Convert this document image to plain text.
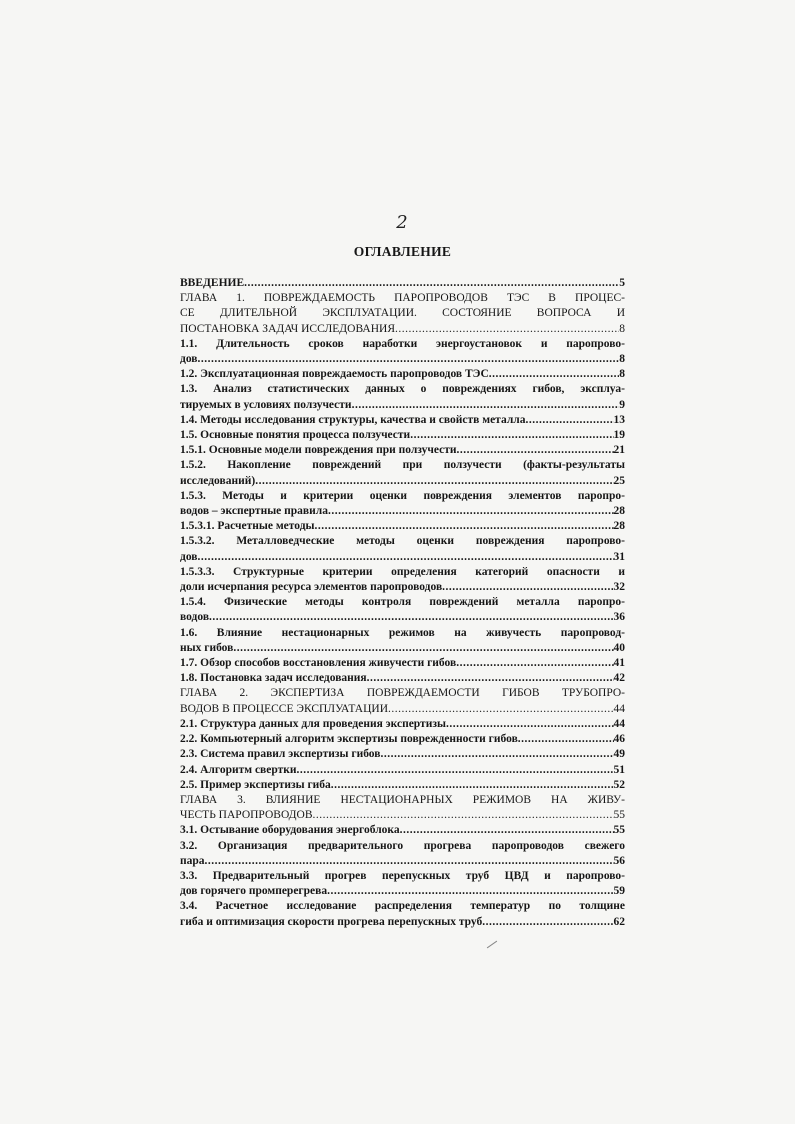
2
ОГЛАВЛЕНИЕ
ВВЕДЕНИЕ .....	5
ГЛАВА 1. ПОВРЕЖДАЕМОСТЬ ПАРОПРОВОДОВ ТЭС В ПРОЦЕС-
СЕ ДЛИТЕЛЬНОЙ ЭКСПЛУАТАЦИИ. СОСТОЯНИЕ ВОПРОСА И
ПОСТАНОВКА ЗАДАЧ ИССЛЕДОВАНИЯ .....	8
1.1. Длительность сроков наработки энергоустановок и паропрово-
дов .....	8
1.2. Эксплуатационная повреждаемость паропроводов ТЭС .....	8
1.3. Анализ статистических данных о повреждениях гибов, эксплуа-
тируемых в условиях ползучести .....	9
1.4. Методы исследования структуры, качества и свойств металла .....	13
1.5. Основные понятия процесса ползучести .....	19
1.5.1. Основные модели повреждения при ползучести .....	21
1.5.2. Накопление повреждений при ползучести (факты-результаты
исследований) .....	25
1.5.3. Методы и критерии оценки повреждения элементов паропро-
водов – экспертные правила .....	28
1.5.3.1. Расчетные методы .....	28
1.5.3.2. Металловедческие методы оценки повреждения паропрово-
дов .....	31
1.5.3.3. Структурные критерии определения категорий опасности и
доли исчерпания ресурса элементов паропроводов .....	32
1.5.4. Физические методы контроля повреждений металла паропро-
водов .....	36
1.6. Влияние нестационарных режимов на живучесть паропровод-
ных гибов .....	40
1.7. Обзор способов восстановления живучести гибов .....	41
1.8. Постановка задач исследования .....	42
ГЛАВА 2. ЭКСПЕРТИЗА ПОВРЕЖДАЕМОСТИ ГИБОВ ТРУБОПРО-
ВОДОВ В ПРОЦЕССЕ ЭКСПЛУАТАЦИИ .....	44
2.1. Структура данных для проведения экспертизы .....	44
2.2. Компьютерный алгоритм экспертизы поврежденности гибов .....	46
2.3. Система правил экспертизы гибов .....	49
2.4. Алгоритм свертки .....	51
2.5. Пример экспертизы гиба .....	52
ГЛАВА 3. ВЛИЯНИЕ НЕСТАЦИОНАРНЫХ РЕЖИМОВ НА ЖИВУ-
ЧЕСТЬ ПАРОПРОВОДОВ .....	55
3.1. Остывание оборудования энергоблока .....	55
3.2. Организация предварительного прогрева паропроводов свежего
пара .....	56
3.3. Предварительный прогрев перепускных труб ЦВД и паропрово-
дов горячего промперегрева .....	59
3.4. Расчетное исследование распределения температур по толщине
гиба и оптимизация скорости прогрева перепускных труб .....	62
